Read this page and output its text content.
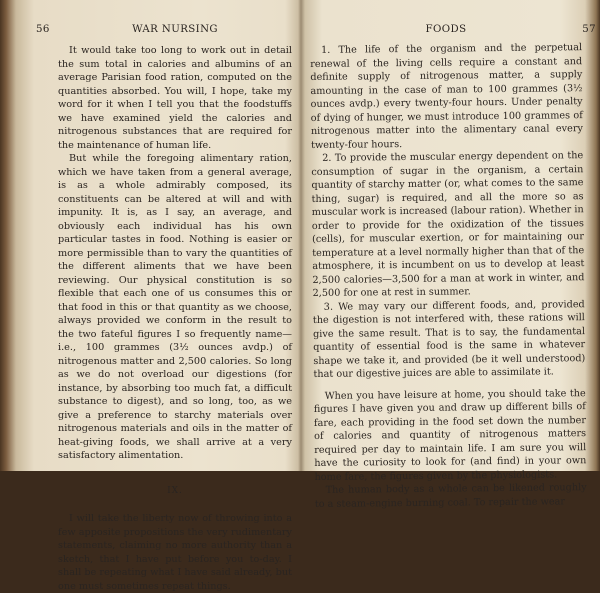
56	WAR NURSING

It would take too long to work out in detail the sum total in calories and albumins of an average Parisian food ration, computed on the quantities absorbed. You will, I hope, take my word for it when I tell you that the foodstuffs we have examined yield the calories and nitrogenous substances that are required for the maintenance of human life.

But while the foregoing alimentary ration, which we have taken from a general average, is as a whole admirably composed, its constituents can be altered at will and with impunity. It is, as I say, an average, and obviously each individual has his own particular tastes in food. Nothing is easier or more permissible than to vary the quantities of the different aliments that we have been reviewing. Our physical constitution is so flexible that each one of us consumes this or that food in this or that quantity as we choose, always provided we conform in the result to the two fateful figures I so frequently name—i.e., 100 grammes (3½ ounces avdp.) of nitrogenous matter and 2,500 calories. So long as we do not overload our digestions (for instance, by absorbing too much fat, a difficult substance to digest), and so long, too, as we give a preference to starchy materials over nitrogenous materials and oils in the matter of heat-giving foods, we shall arrive at a very satisfactory alimentation.

IX.

I will take the liberty now of throwing into a few apposite propositions the very rudimentary statements, claiming no more authority than a sketch, that I have put before you to-day. I shall be repeating what I have said already, but one must sometimes repeat things.

FOODS	57

1. The life of the organism and the perpetual renewal of the living cells require a constant and definite supply of nitrogenous matter, a supply amounting in the case of man to 100 grammes (3½ ounces avdp.) every twenty-four hours. Under penalty of dying of hunger, we must introduce 100 grammes of nitrogenous matter into the alimentary canal every twenty-four hours.

2. To provide the muscular energy dependent on the consumption of sugar in the organism, a certain quantity of starchy matter (or, what comes to the same thing, sugar) is required, and all the more so as muscular work is increased (labour ration). Whether in order to provide for the oxidization of the tissues (cells), for muscular exertion, or for maintaining our temperature at a level normally higher than that of the atmosphere, it is incumbent on us to develop at least 2,500 calories—3,500 for a man at work in winter, and 2,500 for one at rest in summer.

3. We may vary our different foods, and, provided the digestion is not interfered with, these rations will give the same result. That is to say, the fundamental quantity of essential food is the same in whatever shape we take it, and provided (be it well understood) that our digestive juices are able to assimilate it.

When you have leisure at home, you should take the figures I have given you and draw up different bills of fare, each providing in the food set down the number of calories and quantity of nitrogenous matters required per day to maintain life. I am sure you will have the curiosity to look for (and find) in your own home fare, the figures given by the physiologists.

The human body as a whole can be likened roughly to a steam-engine burning coal. To repair the wear
